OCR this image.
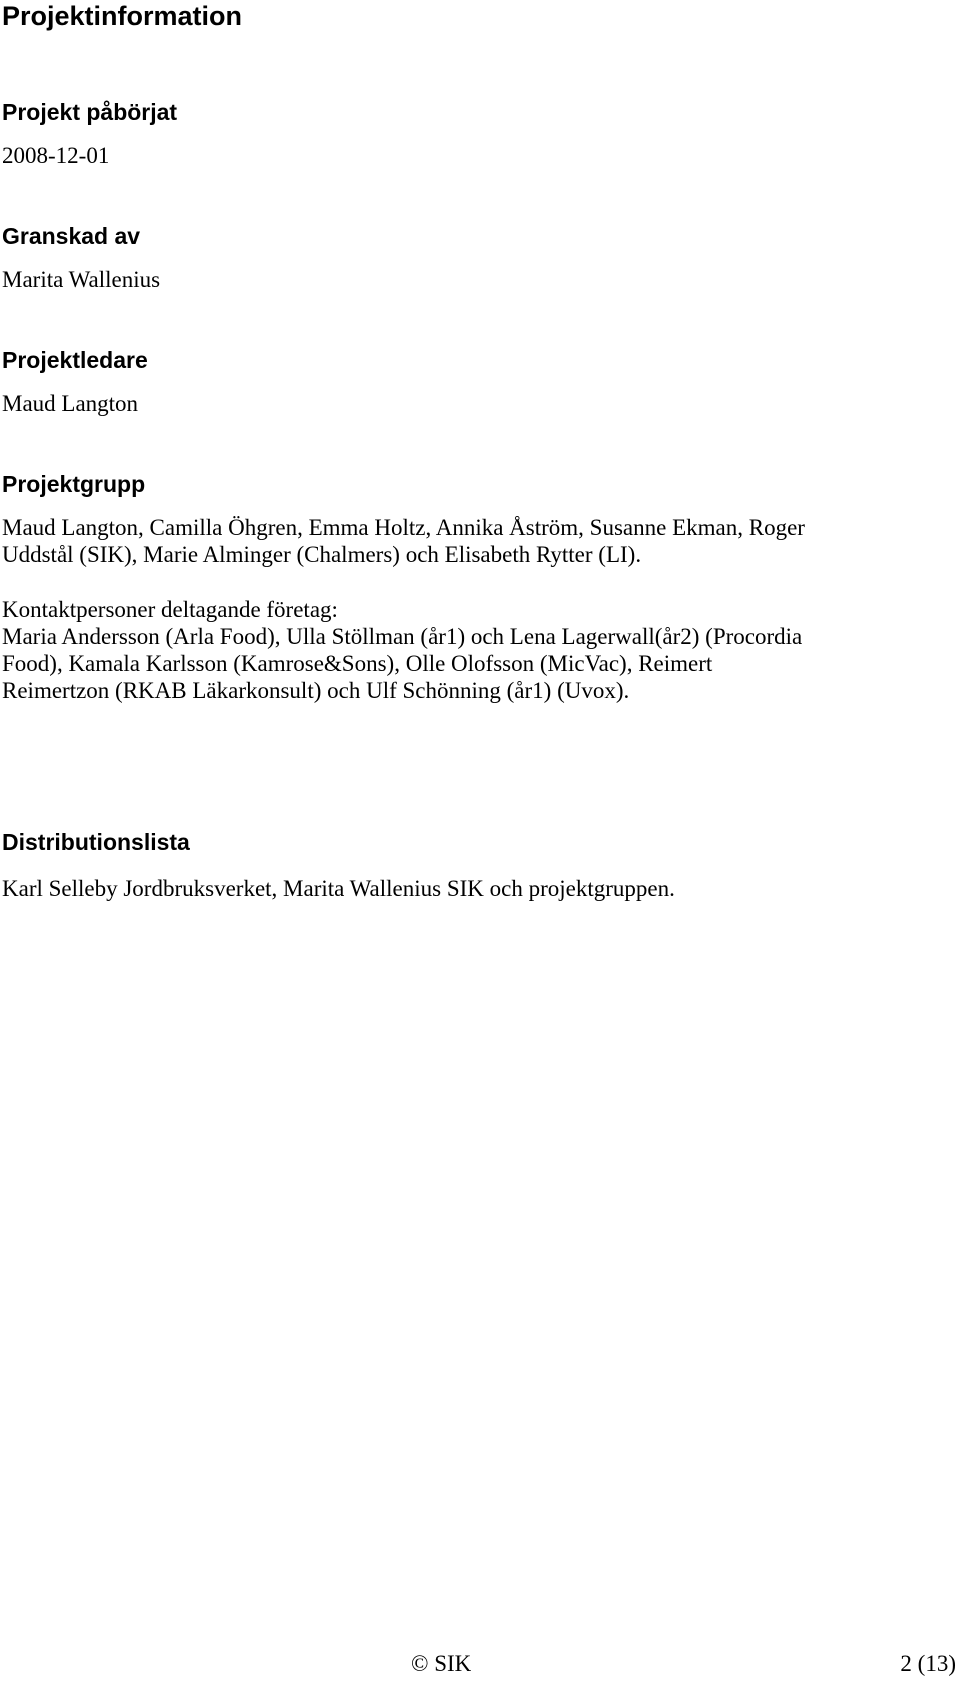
Projektinformation
Projekt påbörjat

2008-12-01

Granskad av

Marita Wallenius

Projektledare

Maud Langton

Projektgrupp

Maud Langton, Camilla Öhgren, Emma Holtz, Annika Åström, Susanne Ekman, Roger
Uddstål (SIK), Marie Alminger (Chalmers) och Elisabeth Rytter (LI).

Kontaktpersoner deltagande företag:

Maria Andersson (Arla Food), Ulla Stöllman (år1) och Lena Lagerwall(år2) (Procordia
Food), Kamala Karlsson (Kamrose&Sons), Olle Olofsson (MicVac), Reimert
Reimertzon (RKAB Läkarkonsult) och Ulf Schönning (år1) (Uvox).

Distributionslista

Karl Selleby Jordbruksverket, Marita Wallenius SIK och projektgruppen.

© SIK	2 (13)
